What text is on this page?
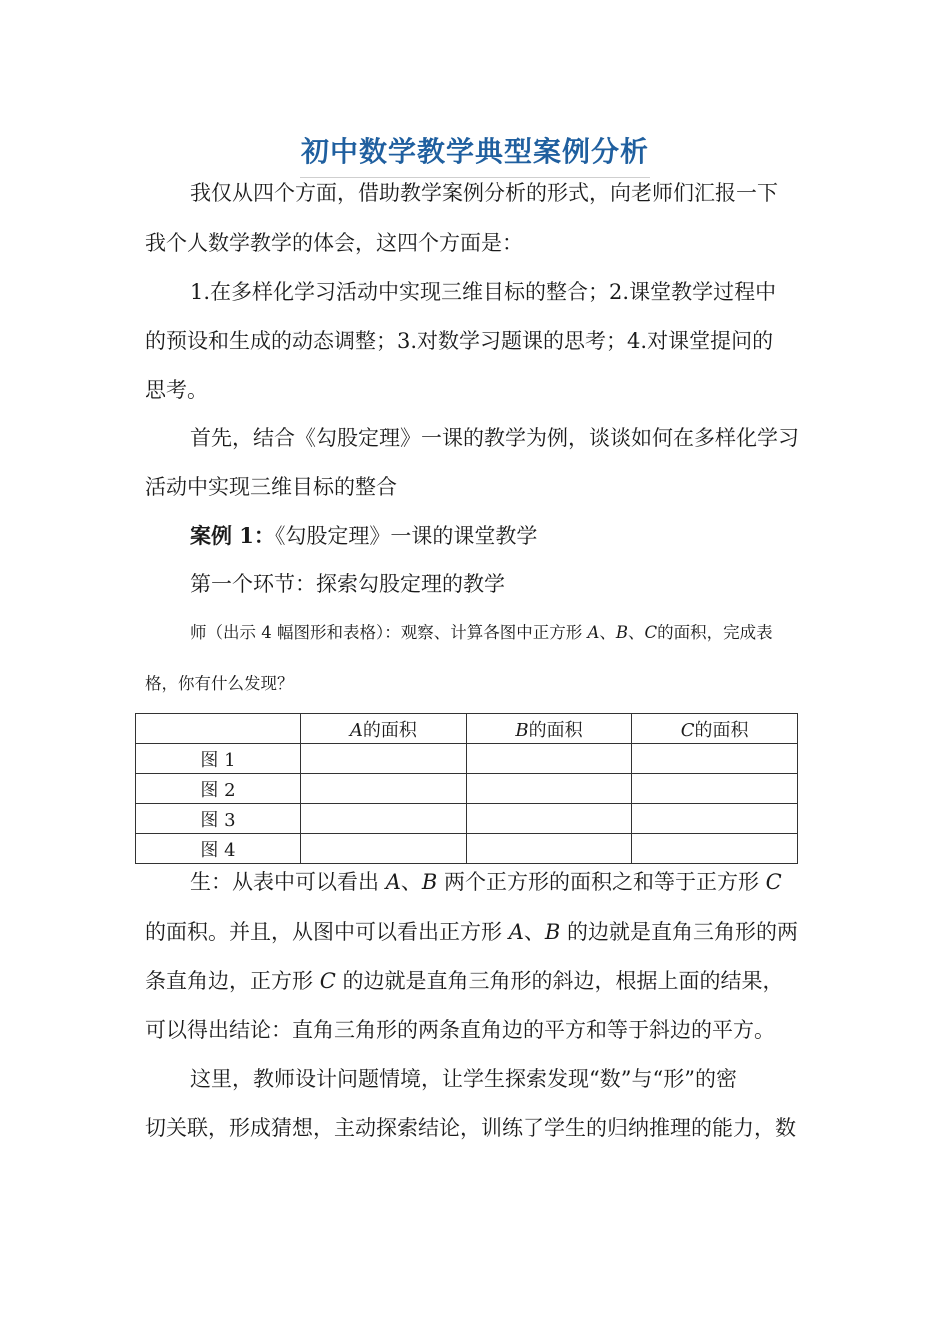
初中数学教学典型案例分析
我仅从四个方面，借助教学案例分析的形式，向老师们汇报一下
我个人数学教学的体会，这四个方面是：
1.在多样化学习活动中实现三维目标的整合；2.课堂教学过程中
的预设和生成的动态调整；3.对数学习题课的思考；4.对课堂提问的
思考。
首先，结合《勾股定理》一课的教学为例，谈谈如何在多样化学习
活动中实现三维目标的整合
案例 1：《勾股定理》一课的课堂教学
第一个环节：探索勾股定理的教学
师（出示 4 幅图形和表格）：观察、计算各图中正方形 A、B、C的面积，完成表
格，你有什么发现？
	A的面积	B的面积	C的面积
图 1			
图 2			
图 3			
图 4			
生：从表中可以看出 A、B 两个正方形的面积之和等于正方形 C
的面积。并且，从图中可以看出正方形 A、B 的边就是直角三角形的两
条直角边，正方形 C 的边就是直角三角形的斜边，根据上面的结果，
可以得出结论：直角三角形的两条直角边的平方和等于斜边的平方。
这里，教师设计问题情境，让学生探索发现“数”与“形”的密
切关联，形成猜想，主动探索结论，训练了学生的归纳推理的能力，数
